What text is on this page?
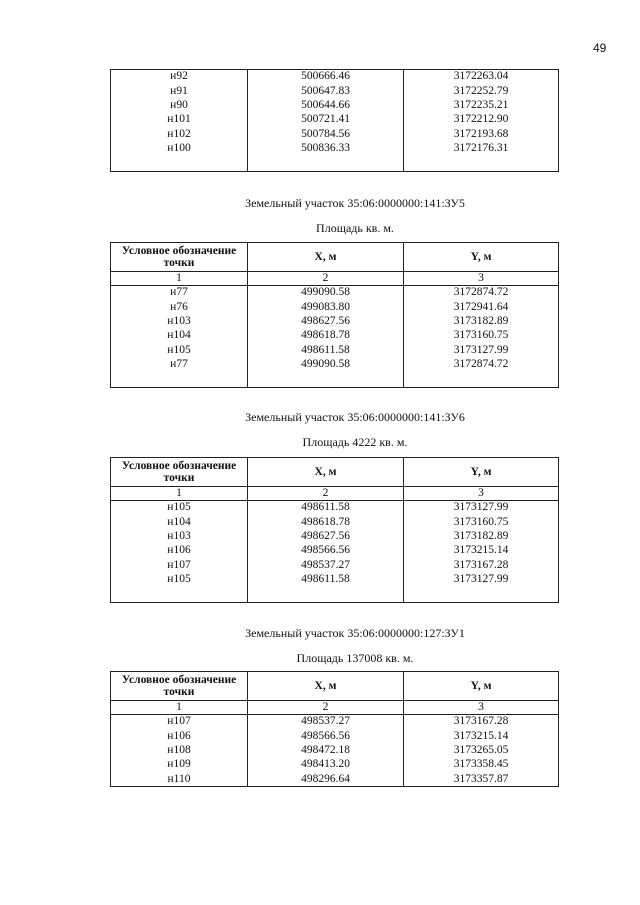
49
н92	500666.46	3172263.04
н91	500647.83	3172252.79
н90	500644.66	3172235.21
н101	500721.41	3172212.90
н102	500784.56	3172193.68
н100	500836.33	3172176.31

Земельный участок 35:06:0000000:141:ЗУ5
Площадь кв. м.
Условное обозначение точки	X, м	Y, м
1	2	3
н77	499090.58	3172874.72
н76	499083.80	3172941.64
н103	498627.56	3173182.89
н104	498618.78	3173160.75
н105	498611.58	3173127.99
н77	499090.58	3172874.72

Земельный участок 35:06:0000000:141:ЗУ6
Площадь 4222 кв. м.
Условное обозначение точки	X, м	Y, м
1	2	3
н105	498611.58	3173127.99
н104	498618.78	3173160.75
н103	498627.56	3173182.89
н106	498566.56	3173215.14
н107	498537.27	3173167.28
н105	498611.58	3173127.99

Земельный участок 35:06:0000000:127:ЗУ1
Площадь 137008 кв. м.
Условное обозначение точки	X, м	Y, м
1	2	3
н107	498537.27	3173167.28
н106	498566.56	3173215.14
н108	498472.18	3173265.05
н109	498413.20	3173358.45
н110	498296.64	3173357.87
